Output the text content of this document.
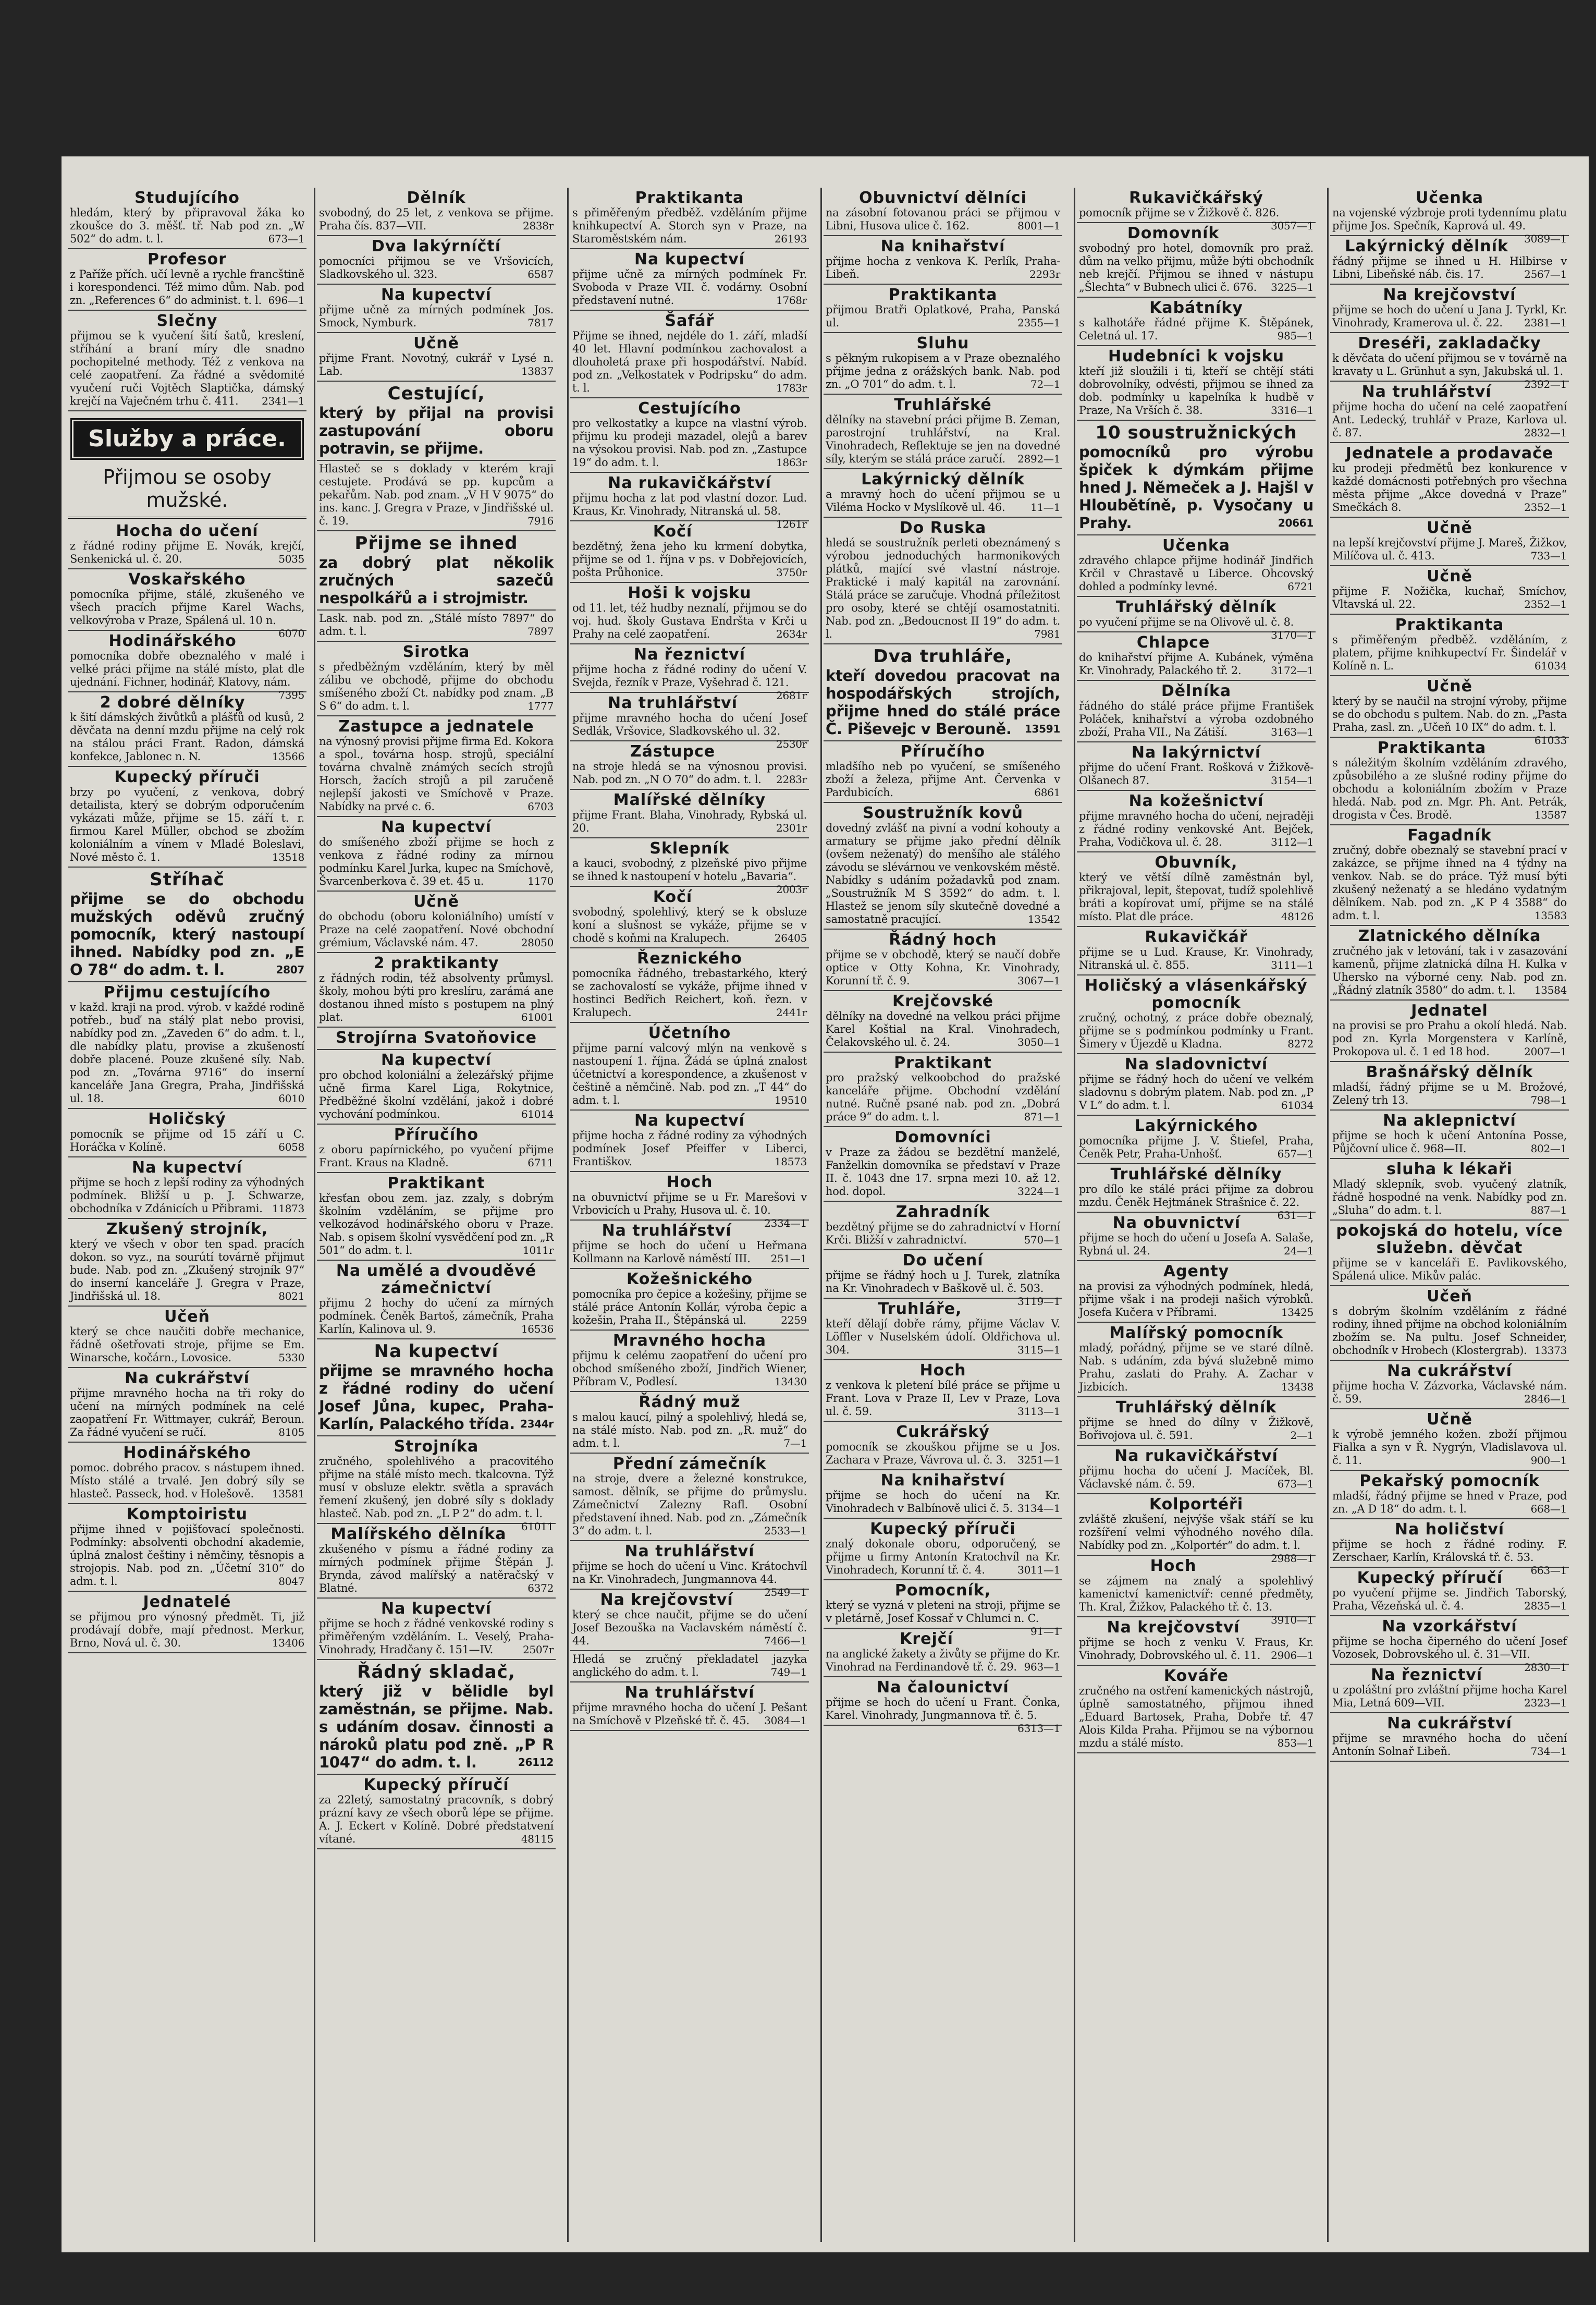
Studujícího

hledám, který by připravoval žáka ko zkoušce do 3. měšť. tř. Nab pod zn. „W 502“ do adm. t. l.	673—1

Profesor

z Paříže přích. učí levně a rychle francštině i korespondenci. Též mimo dům. Nab. pod zn. „References 6“ do administ. t. l. 696—1

Slečny

přijmou se k vyučení šití šatů, kreslení, stříhání a braní míry dle snadno pochopitelné methody. Též z venkova na celé zaopatření. Za řádné a svědomité vyučení ruči Vojtěch Slaptička, dámský krejčí na Vaječném trhu č. 411. 2341—1

Služby a práce.
Přijmou se osoby mužské.
Hocha do učení

z řádné rodiny přijme E. Novák, krejčí, Senkenická ul. č. 20.	5035

Voskařského

pomocníka přijme, stálé, zkušeného ve všech pracích přijme Karel Wachs, velkovýroba v Praze, Spálená ul. 10 n.
6070

Hodinářského

pomocníka dobře obeznalého v malé i velké práci přijme na stálé místo, plat dle ujednání. Fichner, hodinář, Klatovy, nám.
7395

2 dobré dělníky

k šití dámských živůtků a plášťů od kusů, 2 děvčata na denní mzdu přijme na celý rok na stálou práci Frant. Radon, dámská konfekce, Jablonec n. N.	13566

Kupecký příruči

brzy po vyučení, z venkova, dobrý detailista, který se dobrým odporučením vykázati může, přijme se 15. září t. r. firmou Karel Müller, obchod se zbožím koloniálním a vínem v Mladé Boleslavi, Nové město č. 1.	13518

Stříhač

přijme se do obchodu mužských oděvů zručný pomocník, který nastoupí ihned. Nabídky pod zn. „E O 78“ do adm. t. l.	2807

Přijmu cestujícího

v každ. kraji na prod. výrob. v každé rodině potřeb., buď na stálý plat nebo provisi, nabídky pod zn. „Zaveden 6“ do adm. t. l., dle nabídky platu, provise a zkušeností dobře placené. Pouze zkušené síly. Nab. pod zn. „Továrna 9716“ do inserní kanceláře Jana Gregra, Praha, Jindřišská ul. 18.	6010

Holičský

pomocník se přijme od 15 září u C. Horáčka v Kolíně.	6058

Na kupectví

přijme se hoch z lepší rodiny za výhodných podmínek. Bližší u p. J. Schwarze, obchodníka v Zdánicích u Přibrami. 11873

Zkušený strojník,

který ve všech v obor ten spad. pracích dokon. so vyz., na sourútí továrně přijmut bude. Nab. pod zn. „Zkušený strojník 97“ do inserní kanceláře J. Gregra v Praze, Jindřišská ul. 18.	8021

Učeň

který se chce naučiti dobře mechanice, řádně ošetřovati stroje, přijme se Em. Winarsche, kočárn., Lovosice.	5330

Na cukrářství

přijme mravného hocha na tři roky do učení na mírných podmínek na celé zaopatření Fr. Wittmayer, cukrář, Beroun. Za řádné vyučení se ručí.	8105

Hodinářského

pomoc. dobrého pracov. s nástupem ihned. Místo stálé a trvalé. Jen dobrý síly se hlasteč. Passeck, hod. v Holešově. 13581

Komptoiristu

přijme ihned v pojišťovací společnosti. Podmínky: absolventi obchodní akademie, úplná znalost češtiny i němčiny, těsnopis a strojopis. Nab. pod zn. „Účetní 310“ do adm. t. l.	8047

Jednatelé

se přijmou pro výnosný předmět. Ti, již prodávají dobře, mají přednost. Merkur, Brno, Nová ul. č. 30.	13406

Dělník

svobodný, do 25 let, z venkova se přijme. Praha čís. 837—VII.	2838r

Dva lakýrníčtí

pomocníci přijmou se ve Vršovicích, Sladkovského ul. 323.	6587

Na kupectví

přijme učně za mírných podmínek Jos. Smock, Nymburk.	7817

Učně

přijme Frant. Novotný, cukrář v Lysé n. Lab.	13837

Cestující,

který by přijal na provisi zastupování oboru potravin, se přijme.

Hlasteč se s doklady v kterém kraji cestujete. Prodává se pp. kupcům a pekařům. Nab. pod znam. „V H V 9075“ do ins. kanc. J. Gregra v Praze, v Jindřišské ul. č. 19.	7916

Přijme se ihned

za dobrý plat několik zručných sazečů nespolkářů a i strojmistr.

Lask. nab. pod zn. „Stálé místo 7897“ do adm. t. l.	7897

Sirotka

s předběžným vzděláním, který by měl zálibu ve obchodě, přijme do obchodu smíšeného zboží Ct. nabídky pod znam. „B S 6“ do adm. t. l.	1777

Zastupce a jednatele

na výnosný provisi přijme firma Ed. Kokora a spol., továrna hosp. strojů, speciální továrna chvalně známých secích strojů Horsch, žacích strojů a pil zaručeně nejlepší jakosti ve Smíchově v Praze. Nabídky na prvé c. 6.	6703

Na kupectví

do smíšeného zboží přijme se hoch z venkova z řádné rodiny za mírnou podmínku Karel Jurka, kupec na Smíchově, Švarcenberkova č. 39 et. 45 u.	1170

Učně

do obchodu (oboru koloniálního) umístí v Praze na celé zaopatření. Nové obchodní grémium, Václavské nám. 47.	28050

2 praktikanty

z řádných rodin, též absolventy průmysl. školy, mohou býti pro kreslíru, zarámá ane dostanou ihned místo s postupem na plný plat.	61001

Strojírna Svatoňovice
Na kupectví

pro obchod koloniální a železářský přijme učně firma Karel Liga, Rokytnice, Předběžné školní vzdělání, jakož i dobré vychování podmínkou.	61014

Příručího

z oboru papírnického, po vyučení přijme Frant. Kraus na Kladně.	6711

Praktikant

křesťan obou zem. jaz. zzaly, s dobrým školním vzděláním, se přijme pro velkozávod hodinářského oboru v Praze. Nab. s opisem školní vysvědčení pod zn. „R 501“ do adm. t. l.	1011r

Na umělé a dvouděvé zámečnictví

přijmu 2 hochy do učení za mírných podmínek. Čeněk Bartoš, zámečník, Praha Karlín, Kalinova ul. 9.	16536

Na kupectví

přijme se mravného hocha z řádné rodiny do učení Josef Jůna, kupec, Praha-Karlín, Palackého třída. 2344r

Strojníka

zručného, spolehlivého a pracovitého přijme na stálé místo mech. tkalcovna. Týž musí v obsluze elektr. světla a spravách řemení zkušený, jen dobré síly s doklady hlasteč. Nab. pod zn. „L P 2“ do adm. t. l.
61011

Malířského dělníka

zkušeného v písmu a řádné rodiny za mírných podmínek přijme Štěpán J. Brynda, závod malířský a natěračský v Blatné.	6372

Na kupectví

přijme se hoch z řádné venkovské rodiny s přiměřeným vzděláním. L. Veselý, Praha-Vinohrady, Hradčany č. 151—IV.	2507r

Řádný skladač,

který již v bělidle byl zaměstnán, se přijme. Nab. s udáním dosav. činnosti a nároků platu pod zně. „P R 1047“ do adm. t. l.	26112

Kupecký příručí

za 22letý, samostatný pracovník, s dobrý prázní kavy ze všech oborů lépe se přijme. A. J. Eckert v Kolíně. Dobré předstatvení vítané.	48115

Praktikanta

s přiměřeným předběž. vzděláním přijme knihkupectví A. Storch syn v Praze, na Staroměstském nám.	26193

Na kupectví

přijme učně za mírných podmínek Fr. Svoboda v Praze VII. č. vodárny. Osobní představení nutné.	1768r

Šafář

Přijme se ihned, nejdéle do 1. září, mladší 40 let. Hlavní podmínkou zachovalost a dlouholetá praxe při hospodářství. Nabíd. pod zn. „Velkostatek v Podripsku“ do adm. t. l.	1783r

Cestujícího

pro velkostatky a kupce na vlastní výrob. přijmu ku prodeji mazadel, olejů a barev na výsokou provisi. Nab. pod zn. „Zastupce 19“ do adm. t. l.	1863r

Na rukavičkářství

přijmu hocha z lat pod vlastní dozor. Lud. Kraus, Kr. Vinohrady, Nitranská ul. 58.
1261r

Kočí

bezdětný, žena jeho ku krmení dobytka, přijme se od 1. října v ps. v Dobřejovicích, pošta Průhonice.	3750r

Hoši k vojsku

od 11. let, též hudby neznalí, přijmou se do voj. hud. školy Gustava Endršta v Krči u Prahy na celé zaopatření.	2634r

Na řeznictví

přijme hocha z řádné rodiny do učení V. Svejda, řezník v Praze, Vyšehrad č. 121.
2681r

Na truhlářství

přijme mravného hocha do učení Josef Sedlák, Vršovice, Sladkovského ul. 32.
2530r

Zástupce

na stroje hledá se na výnosnou provisi. Nab. pod zn. „N O 70“ do adm. t. l. 2283r

Malířské dělníky

přijme Frant. Blaha, Vinohrady, Rybská ul. 20.	2301r

Sklepník

a kauci, svobodný, z plzeňské pivo přijme se ihned k nastoupení v hotelu „Bavaria“.
2003r

Kočí

svobodný, spolehlivý, který se k obsluze koní a slušnost se vykáže, přijme se v chodě s koňmi na Kralupech.	26405

Řeznického

pomocníka řádného, trebastarkého, který se zachovalostí se vykáže, přijme ihned v hostinci Bedřich Reichert, koň. řezn. v Kralupech.	2441r

Účetního

přijme parní valcový mlýn na venkově s nastoupení 1. října. Žádá se úplná znalost účetnictví a korespondence, a zkušenost v češtině a němčině. Nab. pod zn. „T 44“ do adm. t. l.	19510

Na kupectví

přijme hocha z řádné rodiny za výhodných podmínek Josef Pfeiffer v Liberci, Františkov.	18573

Hoch

na obuvnictví přijme se u Fr. Marešovi v Vrbovicích u Prahy, Husova ul. č. 10.
2334—1

Na truhlářství

přijme se hoch do učení u Heřmana Kollmann na Karlově náměstí III. 251—1

Kožešnického

pomocníka pro čepice a kožešiny, přijme se stálé práce Antonín Kollár, výroba čepic a kožešin, Praha II., Štěpánská ul.	2259

Mravného hocha

přijmu k celému zaopatření do učení pro obchod smíšeného zboží, Jindřich Wiener, Příbram V., Podlesí.	13430

Řádný muž

s malou kaucí, pilný a spolehlivý, hledá se, na stálé místo. Nab. pod zn. „R. muž“ do adm. t. l.	7—1

Přední zámečník

na stroje, dvere a železné konstrukce, samost. dělník, se přijme do průmyslu. Zámečnictví Zalezny Rafl. Osobní představení ihned. Nab. pod zn. „Zámečník 3“ do adm. t. l.	2533—1

Na truhlářství

přijme se hoch do učení u Vinc. Krátochvíl na Kr. Vinohradech, Jungmannova 44.
2549—1

Na krejčovství

který se chce naučit, přijme se do učení Josef Bezouška na Vaclavském náměstí č. 44.	7466—1

Hledá se zručný překladatel jazyka anglického do adm. t. l.	749—1

Na truhlářství

přijme mravného hocha do učení J. Pešant na Smíchově v Plzeňské tř. č. 45. 3084—1

Obuvnictví dělníci

na zásobní fotovanou práci se přijmou v Libni, Husova ulice č. 162.	8001—1

Na knihařství

přijme hocha z venkova K. Perlík, Praha-Libeň.	2293r

Praktikanta

přijmou Bratři Oplatkové, Praha, Panská ul.	2355—1

Sluhu

s pěkným rukopisem a v Praze obeznalého přijme jedna z orážských bank. Nab. pod zn. „O 701“ do adm. t. l.	72—1

Truhlářské

dělníky na stavební práci přijme B. Zeman, parostrojní truhlářství, na Kral. Vinohradech, Reflektuje se jen na dovedné síly, kterým se stálá práce zaručí. 2892—1

Lakýrnický dělník

a mravný hoch do učení přijmou se u Viléma Hocko v Myslíkově ul. 46. 11—1

Do Ruska

hledá se soustružník perleti obeznámený s výrobou jednoduchých harmonikových plátků, mající své vlastní nástroje. Praktické i malý kapitál na zarovnání. Stálá práce se zaručuje. Vhodná příležitost pro osoby, které se chtějí osamostatniti. Nab. pod zn. „Bedoucnost II 19“ do adm. t. l.	7981

Dva truhláře,

kteří dovedou pracovat na hospodářských strojích, přijme hned do stálé práce Č. Piševejc v Berouně. 13591

Příručího

mladšího neb po vyučení, se smíšeného zboží a železa, přijme Ant. Červenka v Pardubicích.	6861

Soustružník kovů

dovedný zvlášť na pivní a vodní kohouty a armatury se přijme jako přední dělník (ovšem neženatý) do menšího ale stálého závodu se slévárnou ve venkovském městě. Nabídky s udáním požadavků pod znam. „Soustružník M S 3592“ do adm. t. l. Hlastež se jenom síly skutečně dovedné a samostatně pracující.	13542

Řádný hoch

přijme se v obchodě, který se naučí dobře optice v Otty Kohna, Kr. Vinohrady, Korunní tř. č. 9.	3067—1

Krejčovské

dělníky na dovedné na velkou práci přijme Karel Koštial na Kral. Vinohradech, Čelakovského ul. č. 24.	3050—1

Praktikant

pro pražský velkoobchod do pražské kanceláře přijme. Obchodní vzdělání nutné. Ručně psané nab. pod zn. „Dobrá práce 9“ do adm. t. l.	871—1

Domovníci

v Praze za žádou se bezdětní manželé, Fanželkin domovníka se představí v Praze II. č. 1043 dne 17. srpna mezi 10. až 12. hod. dopol.	3224—1

Zahradník

bezdětný přijme se do zahradnictví v Horní Krči. Bližší v zahradnictví.	570—1

Do učení

přijme se řádný hoch u J. Turek, zlatníka na Kr. Vinohradech v Baškově ul. č. 503.
3119—1

Truhláře,

kteří dělají dobře rámy, přijme Václav V. Löffler v Nuselském údolí. Oldřichova ul. 304.	3115—1

Hoch

z venkova k pletení bílé práce se přijme u Frant. Lova v Praze II, Lev v Praze, Lova ul. č. 59.	3113—1

Cukrářský

pomocník se zkouškou přijme se u Jos. Zachara v Praze, Vávrova ul. č. 3. 3251—1

Na knihařství

přijme se hoch do učení na Kr. Vinohradech v Balbínově ulici č. 5. 3134—1

Kupecký příruči

znalý dokonale oboru, odporučený, se přijme u firmy Antonín Kratochvíl na Kr. Vinohradech, Korunní tř. č. 4.	3011—1

Pomocník,

který se vyzná v pleteni na stroji, přijme se v pletárně, Josef Kossař v Chlumci n. C.
91—1

Krejčí

na anglické žakety a živůty se přijme do Kr. Vinohrad na Ferdinandově tř. č. 29. 963—1

Na čalounictví

přijme se hoch do učení u Frant. Čonka, Karel. Vinohrady, Jungmannova tř. č. 5.
6313—1

Rukavičkářský

pomocník přijme se v Žižkově č. 826.
3057—1

Domovník

svobodný pro hotel, domovník pro praž. dům na velko přijmu, může býti obchodník neb krejčí. Přijmou se ihned v nástupu „Šlechta“ v Bubnech ulici č. 676. 3225—1

Kabátníky

s kalhotáře řádné přijme K. Štěpánek, Celetná ul. 17.	985—1

Hudebníci k vojsku

kteří již sloužili i ti, kteří se chtějí státi dobrovolníky, odvésti, přijmou se ihned za dob. podmínky u kapelníka k hudbě v Praze, Na Vrších č. 38.	3316—1

10 soustružnických

pomocníků pro výrobu špiček k dýmkám přijme hned J. Němeček a J. Hajšl v Hloubětíně, p. Vysočany u Prahy.	20661

Učenka

zdravého chlapce přijme hodinář Jindřich Krčil v Chrastavě u Liberce. Ohcovský dohled a podmínky levné.	6721

Truhlářský dělník

po vyučení přijme se na Olivově ul. č. 8.
3170—1

Chlapce

do knihařství přijme A. Kubánek, výměna Kr. Vinohrady, Palackého tř. 2.	3172—1

Dělníka

řádného do stálé práce přijme František Poláček, knihařství a výroba ozdobného zboží, Praha VII., Na Zátiší.	3163—1

Na lakýrnictví

přijme do učení Frant. Rošková v Žižkově-Olšanech 87.	3154—1

Na kožešnictví

přijme mravného hocha do učení, nejraději z řádné rodiny venkovské Ant. Bejček, Praha, Vodičkova ul. č. 28.	3112—1

Obuvník,

který ve větší dílně zaměstnán byl, přikrajoval, lepit, štepovat, tudíž spolehlivě bráti a kopírovat umí, přijme se na stálé místo. Plat dle práce.	48126

Rukavičkář

přijme se u Lud. Krause, Kr. Vinohrady, Nitranská ul. č. 855.	3111—1

Holičský a vlásenkářský pomocník

zručný, ochotný, z práce dobře obeznalý, přijme se s podmínkou podmínky u Frant. Šimery v Újezdě u Kladna.	8272

Na sladovnictví

přijme se řádný hoch do učení ve velkém sladovnu s dobrým platem. Nab. pod zn. „P V L“ do adm. t. l.	61034

Lakýrnického

pomocníka přijme J. V. Štiefel, Praha, Čeněk Petr, Praha-Unhošť.	657—1

Truhlářské dělníky

pro dílo ke stálé práci přijme za dobrou mzdu. Čeněk Hejtmánek Strašnice č. 22.
631—1

Na obuvnictví

přijme se hoch do učení u Josefa A. Salaše, Rybná ul. 24.	24—1

Agenty

na provisi za výhodných podmínek, hledá, přijme však i na prodeji našich výrobků. Josefa Kučera v Příbrami.	13425

Malířský pomocník

mladý, pořádný, přijme se ve staré dílně. Nab. s udáním, zda bývá služebně mimo Prahu, zaslati do Prahy. A. Zachar v Jizbicích.	13438

Truhlářský dělník

přijme se hned do dílny v Žižkově, Bořivojova ul. č. 591.	2—1

Na rukavičkářství

přijmu hocha do učení J. Macíček, Bl. Václavské nám. č. 59.	673—1

Kolportéři

zvláště zkušení, nejvýše však stáří se ku rozšíření velmi výhodného nového díla. Nabídky pod zn. „Kolportér“ do adm. t. l.
2988—1

Hoch

se zájmem na znalý a spolehlivý kamenictví kamenictvíř: cenné předměty, Th. Kral, Žižkov, Palackého tř. č. 13.
3910—1

Na krejčovství

přijme se hoch z venku V. Fraus, Kr. Vinohrady, Dobrovského ul. č. 11. 2906—1

Kováře

zručného na ostření kamenických nástrojů, úplně samostatného, přijmou ihned „Eduard Bartosek, Praha, Dobře tř. 47 Alois Kilda Praha. Přijmou se na výbornou mzdu a stálé místo.	853—1

Učenka

na vojenské výzbroje proti tydennímu platu přijme Jos. Spečník, Kaprová ul. 49.
3089—1

Lakýrnický dělník

řádný přijme se ihned u H. Hilbirse v Libni, Libeňské náb. čis. 17.	2567—1

Na krejčovství

přijme se hoch do učení u Jana J. Tyrkl, Kr. Vinohrady, Kramerova ul. č. 22. 2381—1

Dreséři, zakladačky

k děvčata do učení přijmou se v továrně na kravaty u L. Grünhut a syn, Jakubská ul. 1.
2392—1

Na truhlářství

přijme hocha do učení na celé zaopatření Ant. Ledecký, truhlář v Praze, Karlova ul. č. 87.	2832—1

Jednatele a prodavače

ku prodeji předmětů bez konkurence v každé domácnosti potřebných pro všechna města přijme „Akce dovedná v Praze“ Smečkách 8.	2352—1

Učně

na lepší krejčovství přijme J. Mareš, Žižkov, Milíčova ul. č. 413.	733—1

Učně

přijme F. Nožička, kuchař, Smíchov, Vltavská ul. 22.	2352—1

Praktikanta

s přiměřeným předběž. vzděláním, z platem, přijme knihkupectví Fr. Šindelář v Kolíně n. L.	61034

Učně

který by se naučil na strojní výroby, přijme se do obchodu s pultem. Nab. do zn. „Pasta Praha, zasl. zn. „Učeň 10 IX“ do adm. t. l.
61033

Praktikanta

s náležitým školním vzděláním zdravého, způsobilého a ze slušné rodiny přijme do obchodu a koloniálním zbožím v Praze hledá. Nab. pod zn. Mgr. Ph. Ant. Petrák, drogista v Čes. Brodě.	13587

Fagadník

zručný, dobře obeznalý se stavební prací v zakázce, se přijme ihned na 4 týdny na venkov. Nab. se do práce. Týž musí býti zkušený neženatý a se hledáno vydatným dělníkem. Nab. pod zn. „K P 4 3588“ do adm. t. l.	13583

Zlatnického dělníka

zručného jak v letování, tak i v zasazování kamenů, přijme zlatnická dílna H. Kulka v Uhersko na výborné ceny. Nab. pod zn. „Řádný zlatník 3580“ do adm. t. l. 13584

Jednatel

na provisi se pro Prahu a okolí hledá. Nab. pod zn. Kyrla Morgenstera v Karlíně, Prokopova ul. č. 1 ed 18 hod.	2007—1

Brašnářský dělník

mladší, řádný přijme se u M. Brožové, Zelený trh 13.	798—1

Na aklepnictví

přijme se hoch k učení Antonína Posse, Půjčovní ulice č. 968—II.	802—1

sluha k lékaři

Mladý sklepník, svob. vyučený zlatník, řádně hospodné na venk. Nabídky pod zn. „Sluha“ do adm. t. l.	887—1

pokojská do hotelu, více služebn. děvčat

přijme se v kanceláři E. Pavlikovského, Spálená ulice. Mikův palác.

Učeň

s dobrým školním vzděláním z řádné rodiny, ihned přijme na obchod koloniálním zbožím se. Na pultu. Josef Schneider, obchodník v Hrobech (Klostergrab). 13373

Na cukrářství

přijme hocha V. Zázvorka, Václavské nám. č. 59.	2846—1

Učně

k výrobě jemného kožen. zboží přijmou Fialka a syn v Ř. Nygrýn, Vladislavova ul. č. 11.	900—1

Pekařský pomocník

mladší, řádný přijme se hned v Praze, pod zn. „A D 18“ do adm. t. l.	668—1

Na holičství

přijme se hoch z řádné rodiny. F. Zerschaer, Karlín, Královská tř. č. 53.
663—1

Kupecký příručí

po vyučení přijme se. Jindřich Taborský, Praha, Vězeňská ul. č. 4.	2835—1

Na vzorkářství

přijme se hocha čiperného do učení Josef Vozosek, Dobrovského ul. č. 31—VII.
2830—1

Na řeznictví

u zpoláštní pro zvláštní přijme hocha Karel Mia, Letná 609—VII.	2323—1

Na cukrářství

přijme se mravného hocha do učení Antonín Solnař Libeň.	734—1
